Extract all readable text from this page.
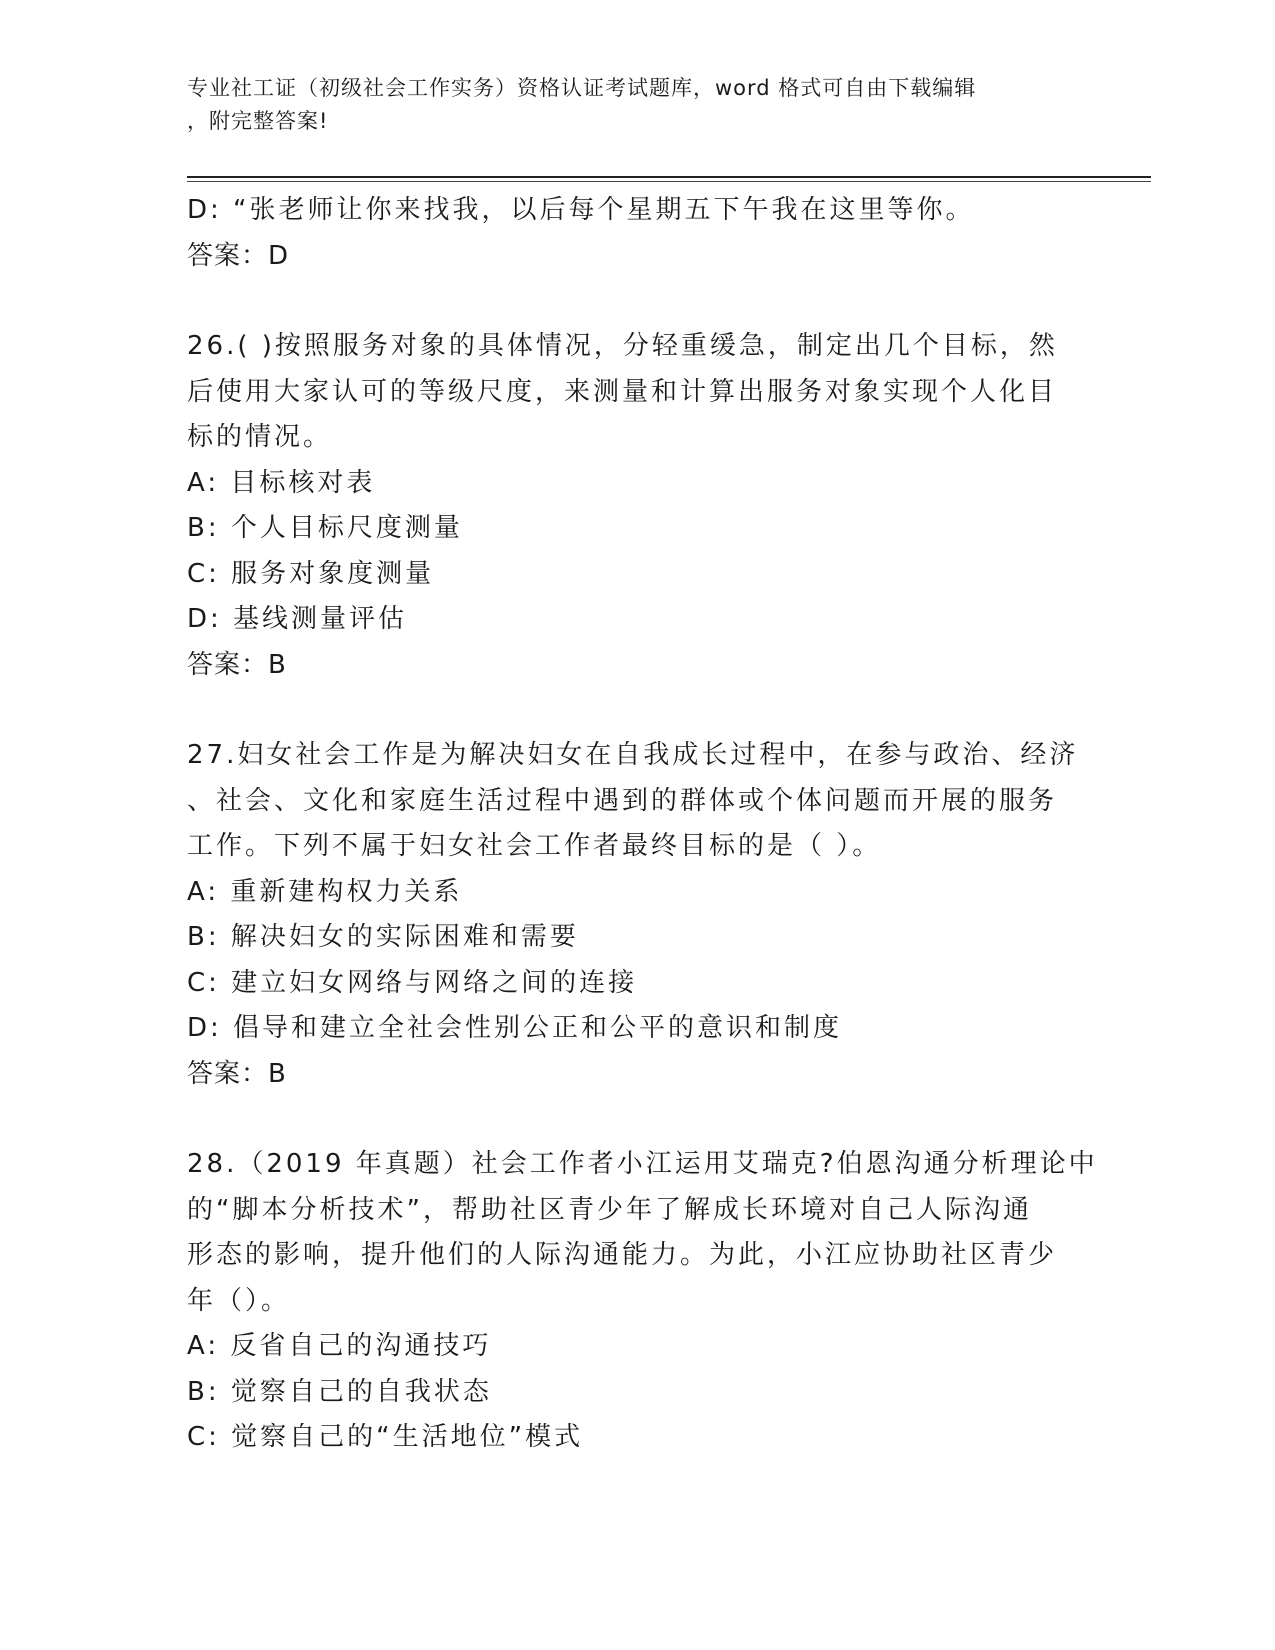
专业社工证（初级社会工作实务）资格认证考试题库，word 格式可自由下载编辑
，附完整答案!
D: “张老师让你来找我，以后每个星期五下午我在这里等你。
答案：D
26.( )按照服务对象的具体情况，分轻重缓急，制定出几个目标，然
后使用大家认可的等级尺度，来测量和计算出服务对象实现个人化目
标的情况。
A: 目标核对表
B: 个人目标尺度测量
C: 服务对象度测量
D: 基线测量评估
答案：B
27.妇女社会工作是为解决妇女在自我成长过程中，在参与政治、经济
、社会、文化和家庭生活过程中遇到的群体或个体问题而开展的服务
工作。下列不属于妇女社会工作者最终目标的是（ ）。
A: 重新建构权力关系
B: 解决妇女的实际困难和需要
C: 建立妇女网络与网络之间的连接
D: 倡导和建立全社会性别公正和公平的意识和制度
答案：B
28.（2019 年真题）社会工作者小江运用艾瑞克?伯恩沟通分析理论中
的“脚本分析技术”，帮助社区青少年了解成长环境对自己人际沟通
形态的影响，提升他们的人际沟通能力。为此，小江应协助社区青少
年（）。
A: 反省自己的沟通技巧
B: 觉察自己的自我状态
C: 觉察自己的“生活地位”模式
